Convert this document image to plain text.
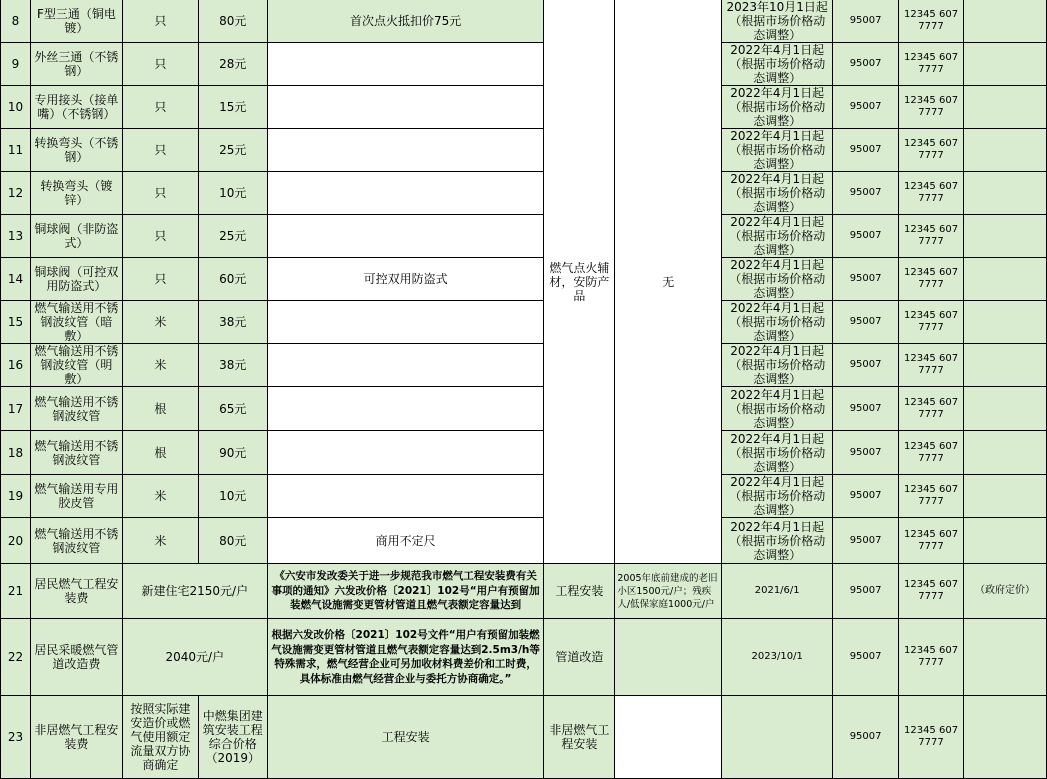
8	F型三通（铜电镀）	只	80元	首次点火抵扣价75元	燃气点火辅材，安防产品	无	2023年10月1日起（根据市场价格动态调整）	95007	12345 6077777	
9	外丝三通（不锈钢）	只	28元				2022年4月1日起（根据市场价格动态调整）	95007	12345 6077777	
10	专用接头（接单嘴）（不锈钢）	只	15元				2022年4月1日起（根据市场价格动态调整）	95007	12345 6077777	
11	转换弯头（不锈钢）	只	25元				2022年4月1日起（根据市场价格动态调整）	95007	12345 6077777	
12	转换弯头（镀锌）	只	10元				2022年4月1日起（根据市场价格动态调整）	95007	12345 6077777	
13	铜球阀（非防盗式）	只	25元				2022年4月1日起（根据市场价格动态调整）	95007	12345 6077777	
14	铜球阀（可控双用防盗式）	只	60元	可控双用防盗式			2022年4月1日起（根据市场价格动态调整）	95007	12345 6077777	
15	燃气输送用不锈钢波纹管（暗敷）	米	38元				2022年4月1日起（根据市场价格动态调整）	95007	12345 6077777	
16	燃气输送用不锈钢波纹管（明敷）	米	38元				2022年4月1日起（根据市场价格动态调整）	95007	12345 6077777	
17	燃气输送用不锈钢波纹管	根	65元				2022年4月1日起（根据市场价格动态调整）	95007	12345 6077777	
18	燃气输送用不锈钢波纹管	根	90元				2022年4月1日起（根据市场价格动态调整）	95007	12345 6077777	
19	燃气输送用专用胶皮管	米	10元				2022年4月1日起（根据市场价格动态调整）	95007	12345 6077777	
20	燃气输送用不锈钢波纹管	米	80元	商用不定尺			2022年4月1日起（根据市场价格动态调整）	95007	12345 6077777	
21	居民燃气工程安装费	新建住宅2150元/户		《六安市发改委关于进一步规范我市燃气工程安装费有关事项的通知》六发改价格〔2021〕102号“用户有预留加装燃气设施需变更管材管道且燃气表额定容量达到	工程安装	2005年底前建成的老旧小区1500元/户；残疾人/低保家庭1000元/户	2021/6/1	95007	12345 6077777	（政府定价）
22	居民采暖燃气管道改造费	2040元/户		根据六发改价格〔2021〕102号文件“用户有预留加装燃气设施需变更管材管道且燃气表额定容量达到2.5m3/h等特殊需求，燃气经营企业可另加收材料费差价和工时费，具体标准由燃气经营企业与委托方协商确定。”	管道改造		2023/10/1	95007	12345 6077777	
23	非居燃气工程安装费	按照实际建安造价或燃气使用额定流量双方协商确定	中燃集团建筑安装工程综合价格（2019）	工程安装	非居燃气工程安装			95007	12345 6077777	
